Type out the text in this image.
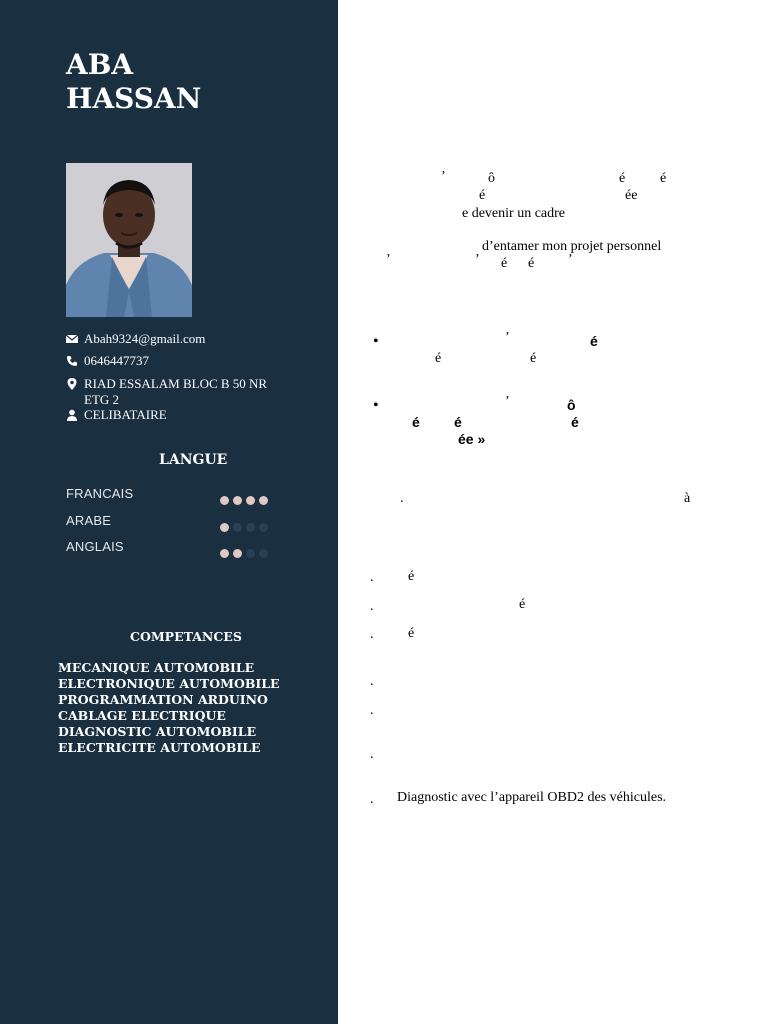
ABA
HASSAN
Abah9324@gmail.com
0646447737
RIAD ESSALAM BLOC B 50 NR
ETG 2
CELIBATAIRE
LANGUE
FRANCAIS
ARABE
ANGLAIS
COMPETANCES
MECANIQUE AUTOMOBILE
ELECTRONIQUE AUTOMOBILE
PROGRAMMATION ARDUINO
CABLAGE ELECTRIQUE
DIAGNOSTIC AUTOMOBILE
ELECTRICITE AUTOMOBILE
’	ô	é é
é	ée
e devenir un cadre
d’entamer mon projet personnel
’	’ é é ’
•	’	é
é	é
•	’	ô
é é	é
ée »
.	à
. é
.	é
. é
.
.
.
. Diagnostic avec l’appareil OBD2 des véhicules.
